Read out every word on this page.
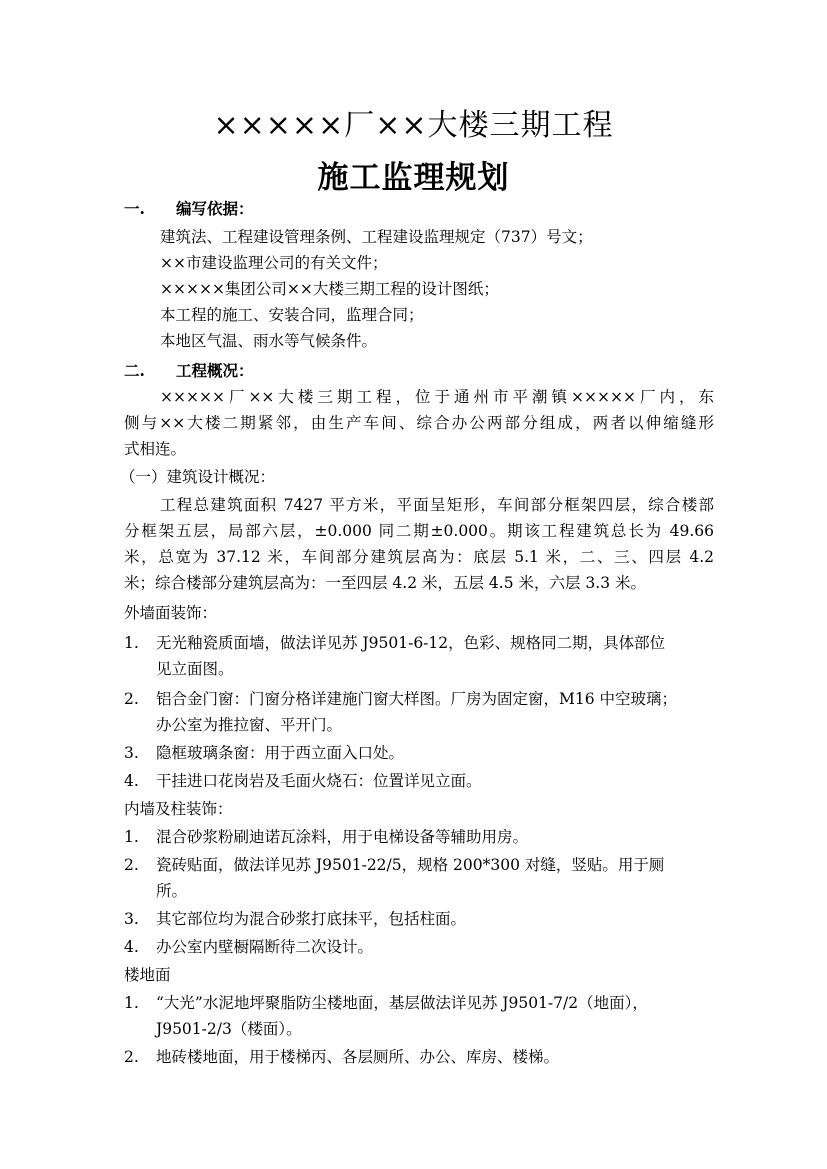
×××××厂××大楼三期工程
施工监理规划
一. 编写依据：
建筑法、工程建设管理条例、工程建设监理规定（737）号文；
××市建设监理公司的有关文件；
×××××集团公司××大楼三期工程的设计图纸；
本工程的施工、安装合同，监理合同；
本地区气温、雨水等气候条件。
二. 工程概况：
×××××厂××大楼三期工程，位于通州市平潮镇×××××厂内，东
侧与××大楼二期紧邻，由生产车间、综合办公两部分组成，两者以伸缩缝形
式相连。
（一）建筑设计概况：
工程总建筑面积 7427 平方米，平面呈矩形，车间部分框架四层，综合楼部
分框架五层，局部六层，±0.000 同二期±0.000。期该工程建筑总长为 49.66
米，总宽为 37.12 米，车间部分建筑层高为：底层 5.1 米，二、三、四层 4.2
米；综合楼部分建筑层高为：一至四层 4.2 米，五层 4.5 米，六层 3.3 米。
外墙面装饰：
1. 无光釉瓷质面墙，做法详见苏 J9501-6-12，色彩、规格同二期，具体部位
见立面图。
2. 铝合金门窗：门窗分格详建施门窗大样图。厂房为固定窗，M16 中空玻璃；
办公室为推拉窗、平开门。
3. 隐框玻璃条窗：用于西立面入口处。
4. 干挂进口花岗岩及毛面火烧石：位置详见立面。
内墙及柱装饰：
1. 混合砂浆粉刷迪诺瓦涂料，用于电梯设备等辅助用房。
2. 瓷砖贴面，做法详见苏 J9501-22/5，规格 200*300 对缝，竖贴。用于厕
所。
3. 其它部位均为混合砂浆打底抹平，包括柱面。
4. 办公室内壁橱隔断待二次设计。
楼地面
1. “大光”水泥地坪聚脂防尘楼地面，基层做法详见苏 J9501-7/2（地面），
J9501-2/3（楼面）。
2. 地砖楼地面，用于楼梯丙、各层厕所、办公、库房、楼梯。
